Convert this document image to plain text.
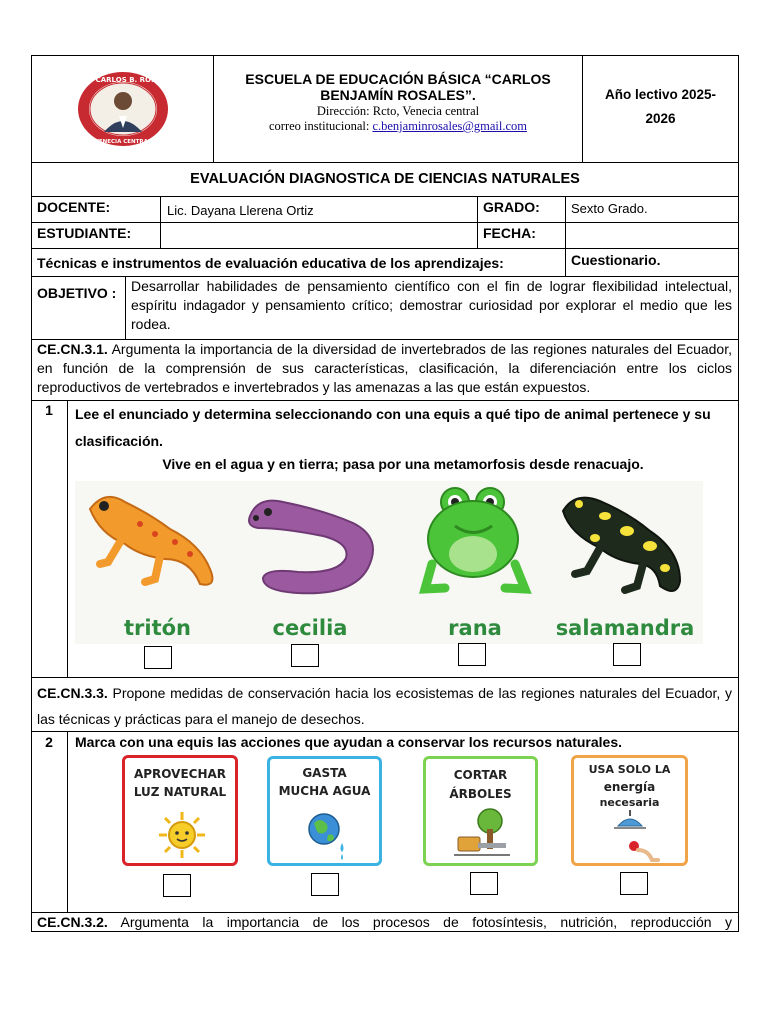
E.E.B. CARLOS B. ROSALES
VENECIA CENTRAL
ESCUELA DE EDUCACIÓN BÁSICA “CARLOS BENJAMÍN ROSALES”.
Dirección: Rcto, Venecia central
correo institucional: c.benjaminrosales@gmail.com
Año lectivo 2025-
2026
EVALUACIÓN DIAGNOSTICA DE CIENCIAS NATURALES
DOCENTE:	Lic. Dayana Llerena Ortiz	GRADO: Sexto Grado.
ESTUDIANTE:	FECHA:
Técnicas e instrumentos de evaluación educativa de los aprendizajes:	Cuestionario.
OBJETIVO :	Desarrollar habilidades de pensamiento científico con el fin de lograr flexibilidad intelectual, espíritu indagador y pensamiento crítico; demostrar curiosidad por explorar el medio que les rodea.
CE.CN.3.1. Argumenta la importancia de la diversidad de invertebrados de las regiones naturales del Ecuador, en función de la comprensión de sus características, clasificación, la diferenciación entre los ciclos reproductivos de vertebrados e invertebrados y las amenazas a las que están expuestos.
1	Lee el enunciado y determina seleccionando con una equis a qué tipo de animal pertenece y su clasificación.
Vive en el agua y en tierra; pasa por una metamorfosis desde renacuajo.
tritón	cecilia	rana	salamandra
CE.CN.3.3. Propone medidas de conservación hacia los ecosistemas de las regiones naturales del Ecuador, y las técnicas y prácticas para el manejo de desechos.
2	Marca con una equis las acciones que ayudan a conservar los recursos naturales.
APROVECHAR
LUZ NATURAL
GASTA
MUCHA AGUA
CORTAR
ÁRBOLES
USA SOLO LA
energía
necesaria
CE.CN.3.2. Argumenta la importancia de los procesos de fotosíntesis, nutrición, reproducción y
